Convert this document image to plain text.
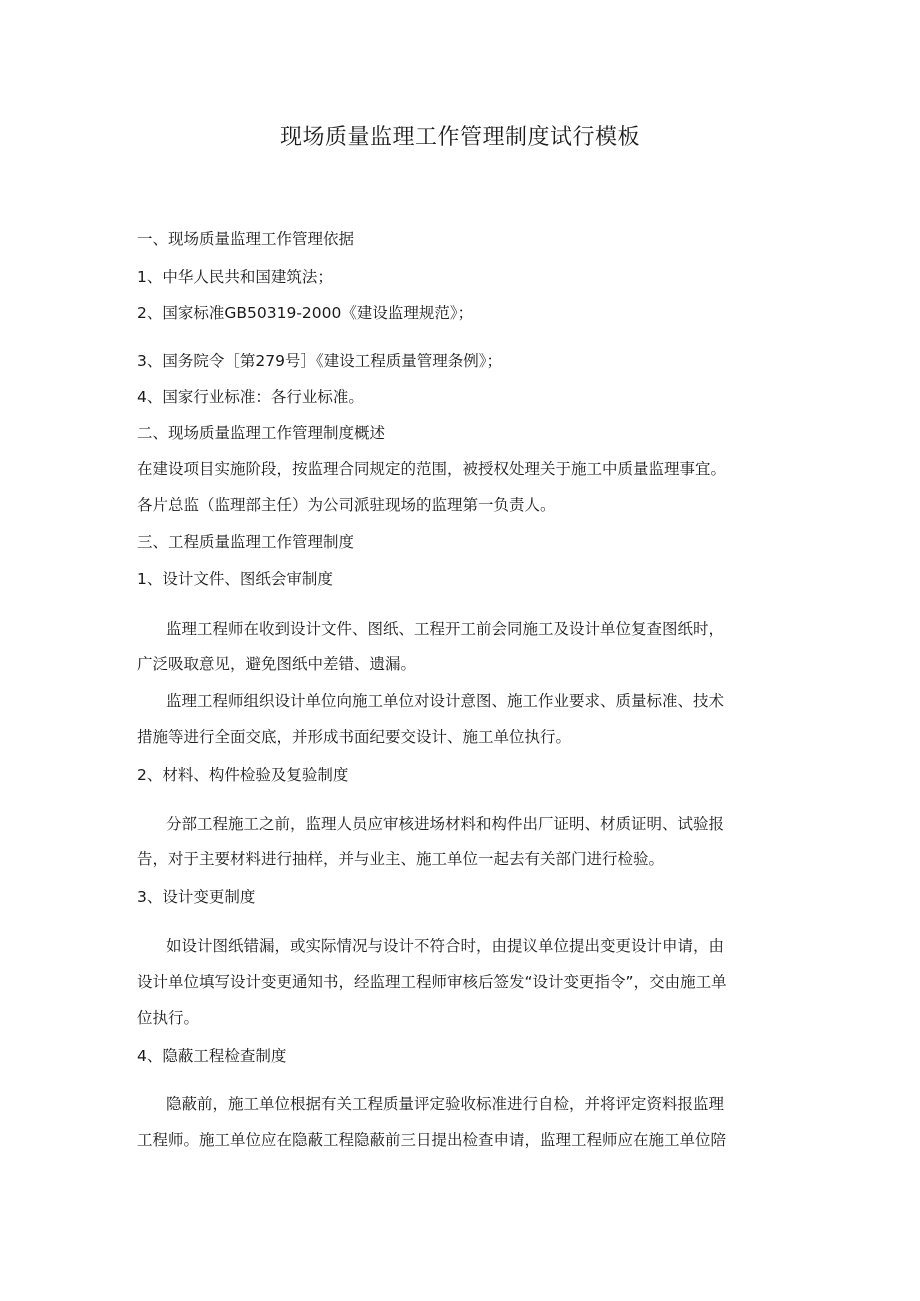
现场质量监理工作管理制度试行模板
一、现场质量监理工作管理依据
1、中华人民共和国建筑法；
2、国家标准GB50319-2000《建设监理规范》；
3、国务院令［第279号］《建设工程质量管理条例》；
4、国家行业标准：各行业标准。
二、现场质量监理工作管理制度概述
在建设项目实施阶段，按监理合同规定的范围，被授权处理关于施工中质量监理事宜。
各片总监（监理部主任）为公司派驻现场的监理第一负责人。
三、工程质量监理工作管理制度
1、设计文件、图纸会审制度
监理工程师在收到设计文件、图纸、工程开工前会同施工及设计单位复查图纸时，
广泛吸取意见，避免图纸中差错、遗漏。
监理工程师组织设计单位向施工单位对设计意图、施工作业要求、质量标准、技术
措施等进行全面交底，并形成书面纪要交设计、施工单位执行。
2、材料、构件检验及复验制度
分部工程施工之前，监理人员应审核进场材料和构件出厂证明、材质证明、试验报
告，对于主要材料进行抽样，并与业主、施工单位一起去有关部门进行检验。
3、设计变更制度
如设计图纸错漏，或实际情况与设计不符合时，由提议单位提出变更设计申请，由
设计单位填写设计变更通知书，经监理工程师审核后签发“设计变更指令”，交由施工单
位执行。
4、隐蔽工程检查制度
隐蔽前，施工单位根据有关工程质量评定验收标准进行自检，并将评定资料报监理
工程师。施工单位应在隐蔽工程隐蔽前三日提出检查申请，监理工程师应在施工单位陪
